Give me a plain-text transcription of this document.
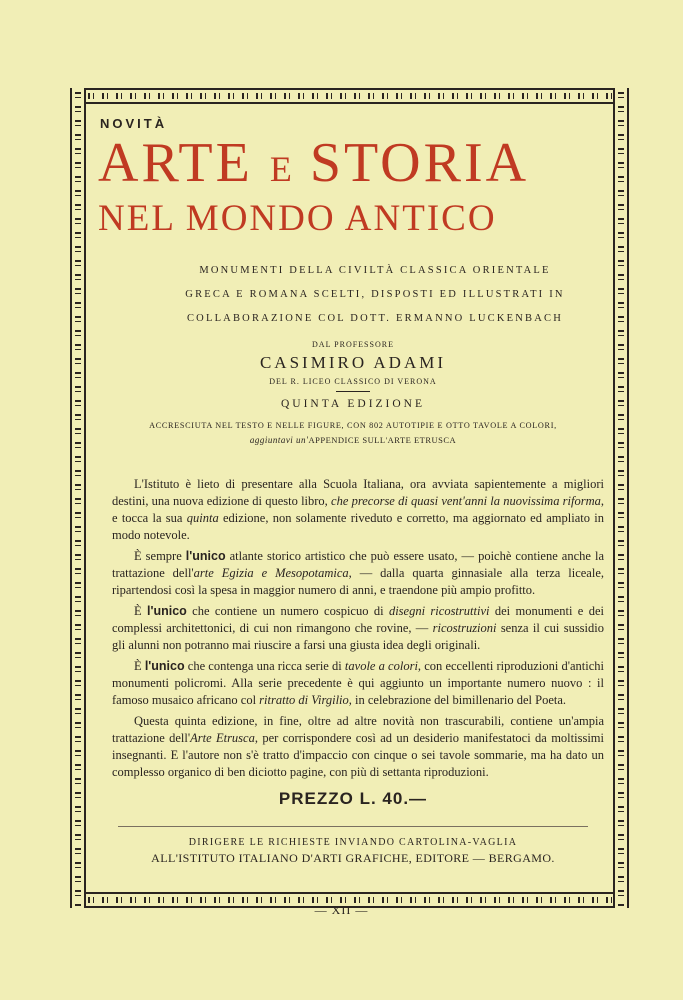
NOVITÀ
ARTE E STORIA
NEL MONDO ANTICO
MONUMENTI DELLA CIVILTÀ CLASSICA ORIENTALE
GRECA E ROMANA SCELTI, DISPOSTI ED ILLUSTRATI IN
COLLABORAZIONE COL DOTT. ERMANNO LUCKENBACH
DAL PROFESSORE
CASIMIRO ADAMI
DEL R. LICEO CLASSICO DI VERONA
QUINTA EDIZIONE
ACCRESCIUTA NEL TESTO E NELLE FIGURE, CON 802 AUTOTIPIE E OTTO TAVOLE A COLORI,
aggiuntavi un'APPENDICE SULL'ARTE ETRUSCA

L'Istituto è lieto di presentare alla Scuola Italiana, ora avviata sapientemente a migliori destini, una nuova edizione di questo libro, che precorse di quasi vent'anni la nuovissima riforma, e tocca la sua quinta edizione, non solamente riveduto e corretto, ma aggiornato ed ampliato in modo notevole.

È sempre l'unico atlante storico artistico che può essere usato, — poichè contiene anche la trattazione dell'arte Egizia e Mesopotamica, — dalla quarta ginnasiale alla terza liceale, ripartendosi così la spesa in maggior numero di anni, e traendone più ampio profitto.

È l'unico che contiene un numero cospicuo di disegni ricostruttivi dei monumenti e dei complessi architettonici, di cui non rimangono che rovine, — ricostruzioni senza il cui sussidio gli alunni non potranno mai riuscire a farsi una giusta idea degli originali.

È l'unico che contenga una ricca serie di tavole a colori, con eccellenti riproduzioni d'antichi monumenti policromi. Alla serie precedente è qui aggiunto un importante numero nuovo : il famoso musaico africano col ritratto di Virgilio, in celebrazione del bimillenario del Poeta.

Questa quinta edizione, in fine, oltre ad altre novità non trascurabili, contiene un'ampia trattazione dell'Arte Etrusca, per corrispondere così ad un desiderio manifestatoci da moltissimi insegnanti. E l'autore non s'è tratto d'impaccio con cinque o sei tavole sommarie, ma ha dato un complesso organico di ben diciotto pagine, con più di settanta riproduzioni.

PREZZO L. 40.—
DIRIGERE LE RICHIESTE INVIANDO CARTOLINA-VAGLIA
ALL'ISTITUTO ITALIANO D'ARTI GRAFICHE, EDITORE — BERGAMO.
— XII —
